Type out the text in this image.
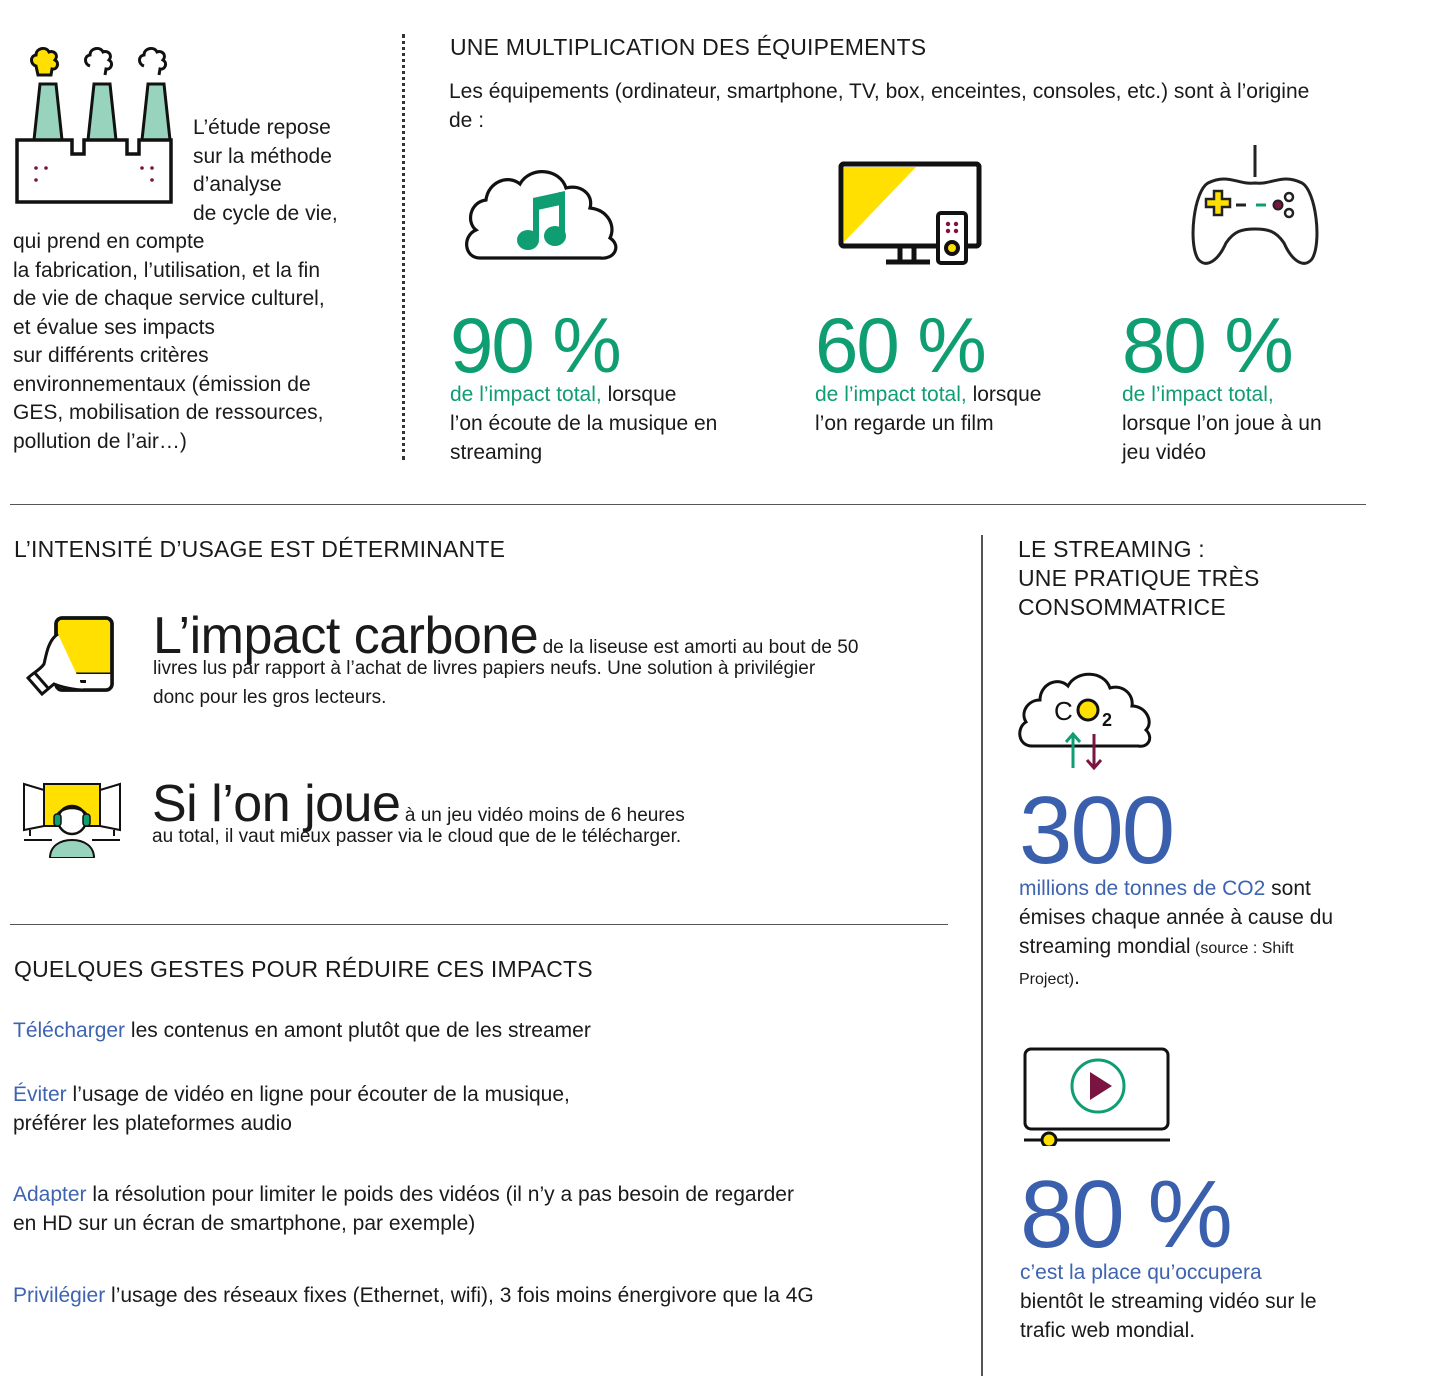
L’étude repose
sur la méthode
d’analyse
de cycle de vie,
qui prend en compte
la fabrication, l’utilisation, et la fin
de vie de chaque service culturel,
et évalue ses impacts
sur différents critères
environnementaux (émission de
GES, mobilisation de ressources,
pollution de l’air…)
UNE MULTIPLICATION DES ÉQUIPEMENTS
Les équipements (ordinateur, smartphone, TV, box, enceintes, consoles, etc.) sont à l’origine
de :
90 %
de l’impact total, lorsque
l’on écoute de la musique en
streaming
60 %
de l’impact total, lorsque
l’on regarde un film
80 %
de l’impact total,
lorsque l’on joue à un
jeu vidéo
L’INTENSITÉ D’USAGE EST DÉTERMINANTE
L’impact carbone de la liseuse est amorti au bout de 50
livres lus par rapport à l’achat de livres papiers neufs. Une solution à privilégier
donc pour les gros lecteurs.
Si l’on joue à un jeu vidéo moins de 6 heures
au total, il vaut mieux passer via le cloud que de le télécharger.
QUELQUES GESTES POUR RÉDUIRE CES IMPACTS

Télécharger les contenus en amont plutôt que de les streamer

Éviter l’usage de vidéo en ligne pour écouter de la musique,

préférer les plateformes audio

Adapter la résolution pour limiter le poids des vidéos (il n’y a pas besoin de regarder

en HD sur un écran de smartphone, par exemple)

Privilégier l’usage des réseaux fixes (Ethernet, wifi), 3 fois moins énergivore que la 4G

LE STREAMING :
UNE PRATIQUE TRÈS
CONSOMMATRICE
C 2
300
millions de tonnes de CO2 sont
émises chaque année à cause du
streaming mondial (source : Shift
Project).
80 %
c’est la place qu’occupera
bientôt le streaming vidéo sur le
trafic web mondial.
